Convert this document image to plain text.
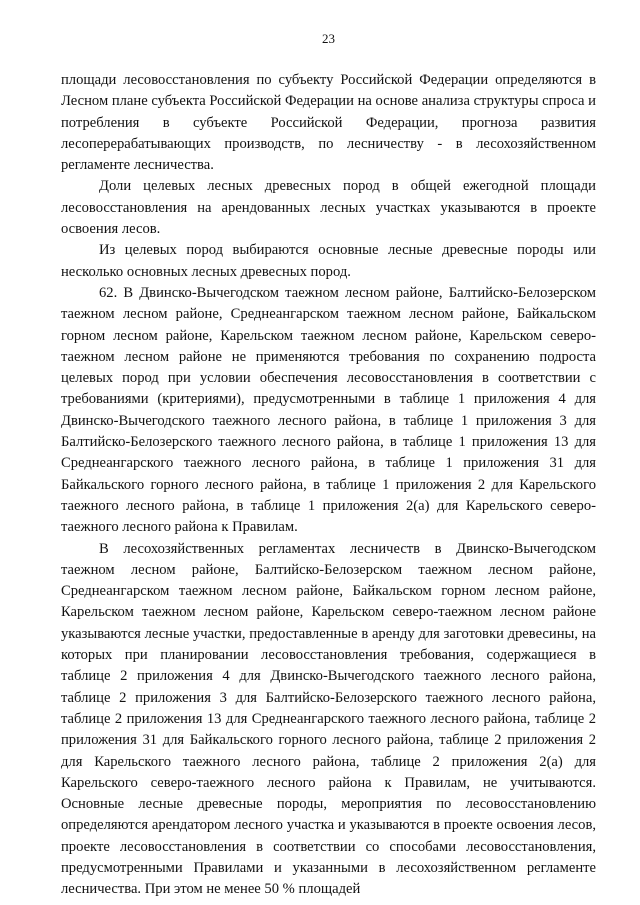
23

площади лесовосстановления по субъекту Российской Федерации определяются в Лесном плане субъекта Российской Федерации на основе анализа структуры спроса и потребления в субъекте Российской Федерации, прогноза развития лесоперерабатывающих производств, по лесничеству - в лесохозяйственном регламенте лесничества.

Доли целевых лесных древесных пород в общей ежегодной площади лесовосстановления на арендованных лесных участках указываются в проекте освоения лесов.

Из целевых пород выбираются основные лесные древесные породы или несколько основных лесных древесных пород.

62. В Двинско-Вычегодском таежном лесном районе, Балтийско-Белозерском таежном лесном районе, Среднеангарском таежном лесном районе, Байкальском горном лесном районе, Карельском таежном лесном районе, Карельском северо-таежном лесном районе не применяются требования по сохранению подроста целевых пород при условии обеспечения лесовосстановления в соответствии с требованиями (критериями), предусмотренными в таблице 1 приложения 4 для Двинско-Вычегодского таежного лесного района, в таблице 1 приложения 3 для Балтийско-Белозерского таежного лесного района, в таблице 1 приложения 13 для Среднеангарского таежного лесного района, в таблице 1 приложения 31 для Байкальского горного лесного района, в таблице 1 приложения 2 для Карельского таежного лесного района, в таблице 1 приложения 2(а) для Карельского северо-таежного лесного района к Правилам.

В лесохозяйственных регламентах лесничеств в Двинско-Вычегодском таежном лесном районе, Балтийско-Белозерском таежном лесном районе, Среднеангарском таежном лесном районе, Байкальском горном лесном районе, Карельском таежном лесном районе, Карельском северо-таежном лесном районе указываются лесные участки, предоставленные в аренду для заготовки древесины, на которых при планировании лесовосстановления требования, содержащиеся в таблице 2 приложения 4 для Двинско-Вычегодского таежного лесного района, таблице 2 приложения 3 для Балтийско-Белозерского таежного лесного района, таблице 2 приложения 13 для Среднеангарского таежного лесного района, таблице 2 приложения 31 для Байкальского горного лесного района, таблице 2 приложения 2 для Карельского таежного лесного района, таблице 2 приложения 2(а) для Карельского северо-таежного лесного района к Правилам, не учитываются. Основные лесные древесные породы, мероприятия по лесовосстановлению определяются арендатором лесного участка и указываются в проекте освоения лесов, проекте лесовосстановления в соответствии со способами лесовосстановления, предусмотренными Правилами и указанными в лесохозяйственном регламенте лесничества. При этом не менее 50 % площадей
